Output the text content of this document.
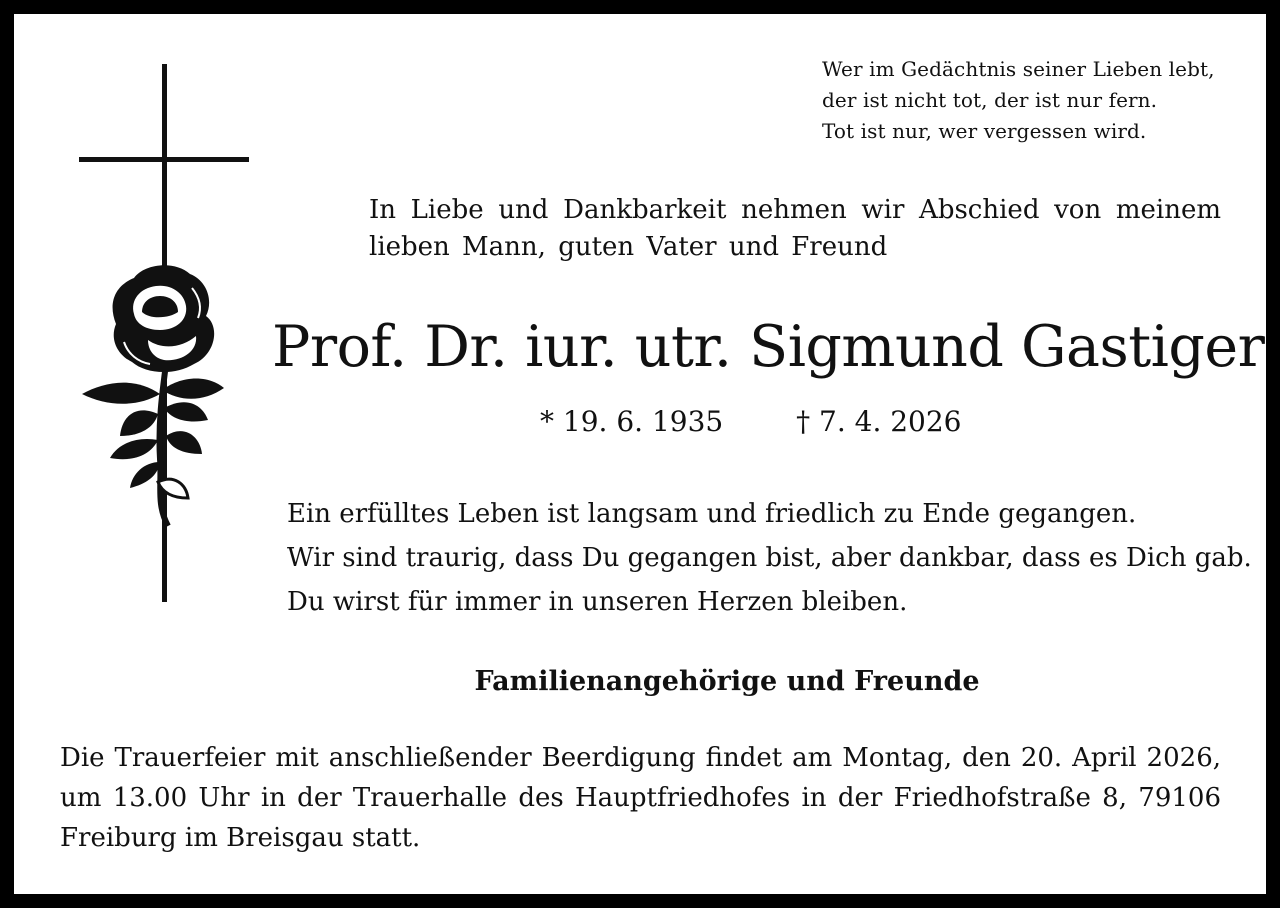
Wer im Gedächtnis seiner Lieben lebt,
der ist nicht tot, der ist nur fern.
Tot ist nur, wer vergessen wird.
In Liebe und Dankbarkeit nehmen wir Abschied von meinem lieben Mann, guten Vater und Freund
Prof. Dr. iur. utr. Sigmund Gastiger
* 19. 6. 1935	† 7. 4. 2026
Ein erfülltes Leben ist langsam und friedlich zu Ende gegangen.
Wir sind traurig, dass Du gegangen bist, aber dankbar, dass es Dich gab.
Du wirst für immer in unseren Herzen bleiben.
Familienangehörige und Freunde
Die Trauerfeier mit anschließender Beerdigung findet am Montag, den 20. April 2026, um 13.00 Uhr in der Trauerhalle des Hauptfriedhofes in der Friedhofstraße 8, 79106 Freiburg im Breisgau statt.
